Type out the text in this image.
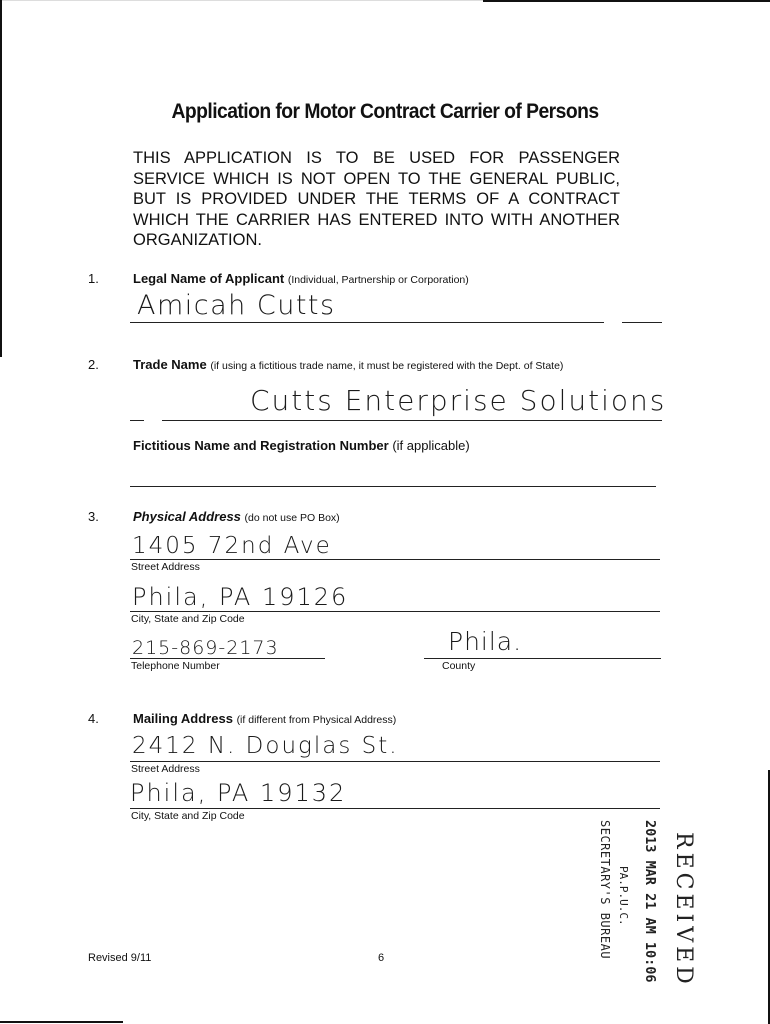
Application for Motor Contract Carrier of Persons
THIS APPLICATION IS TO BE USED FOR PASSENGER SERVICE WHICH IS NOT OPEN TO THE GENERAL PUBLIC, BUT IS PROVIDED UNDER THE TERMS OF A CONTRACT WHICH THE CARRIER HAS ENTERED INTO WITH ANOTHER ORGANIZATION.
1.	Legal Name of Applicant (Individual, Partnership or Corporation)
Amicah Cutts
2.	Trade Name (if using a fictitious trade name, it must be registered with the Dept. of State)
Cutts Enterprise Solutions
Fictitious Name and Registration Number (if applicable)
3.	Physical Address (do not use PO Box)
1405 72nd Ave
Street Address
Phila, PA 19126
City, State and Zip Code
215-869-2173
Telephone Number
Phila.
County
4.	Mailing Address (if different from Physical Address)
2412 N. Douglas St.
Street Address
Phila, PA 19132
City, State and Zip Code
Revised 9/11	6	RECEIVED
2013 MAR 21 AM 10:06
PA.P.U.C.
SECRETARY'S BUREAU
